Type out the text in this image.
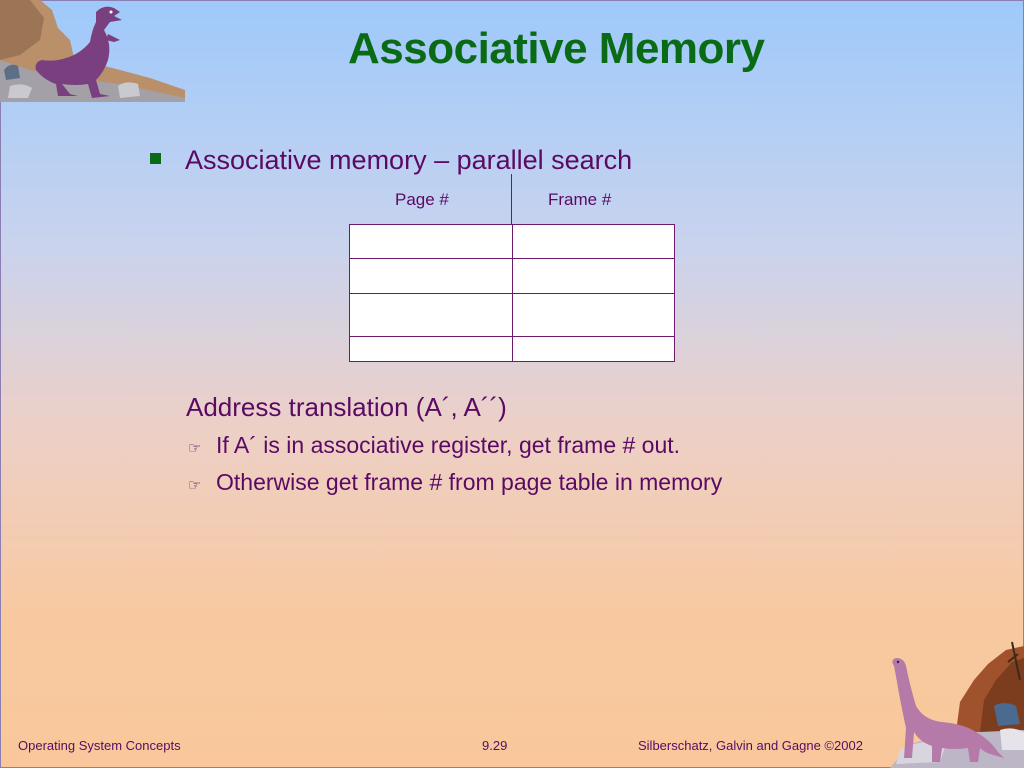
Associative Memory
Associative memory – parallel search
Page #	Frame #

Address translation (A´, A´´)
☞ If A´ is in associative register, get frame # out.
☞ Otherwise get frame # from page table in memory
Operating System Concepts	9.29	Silberschatz, Galvin and Gagne ©2002
